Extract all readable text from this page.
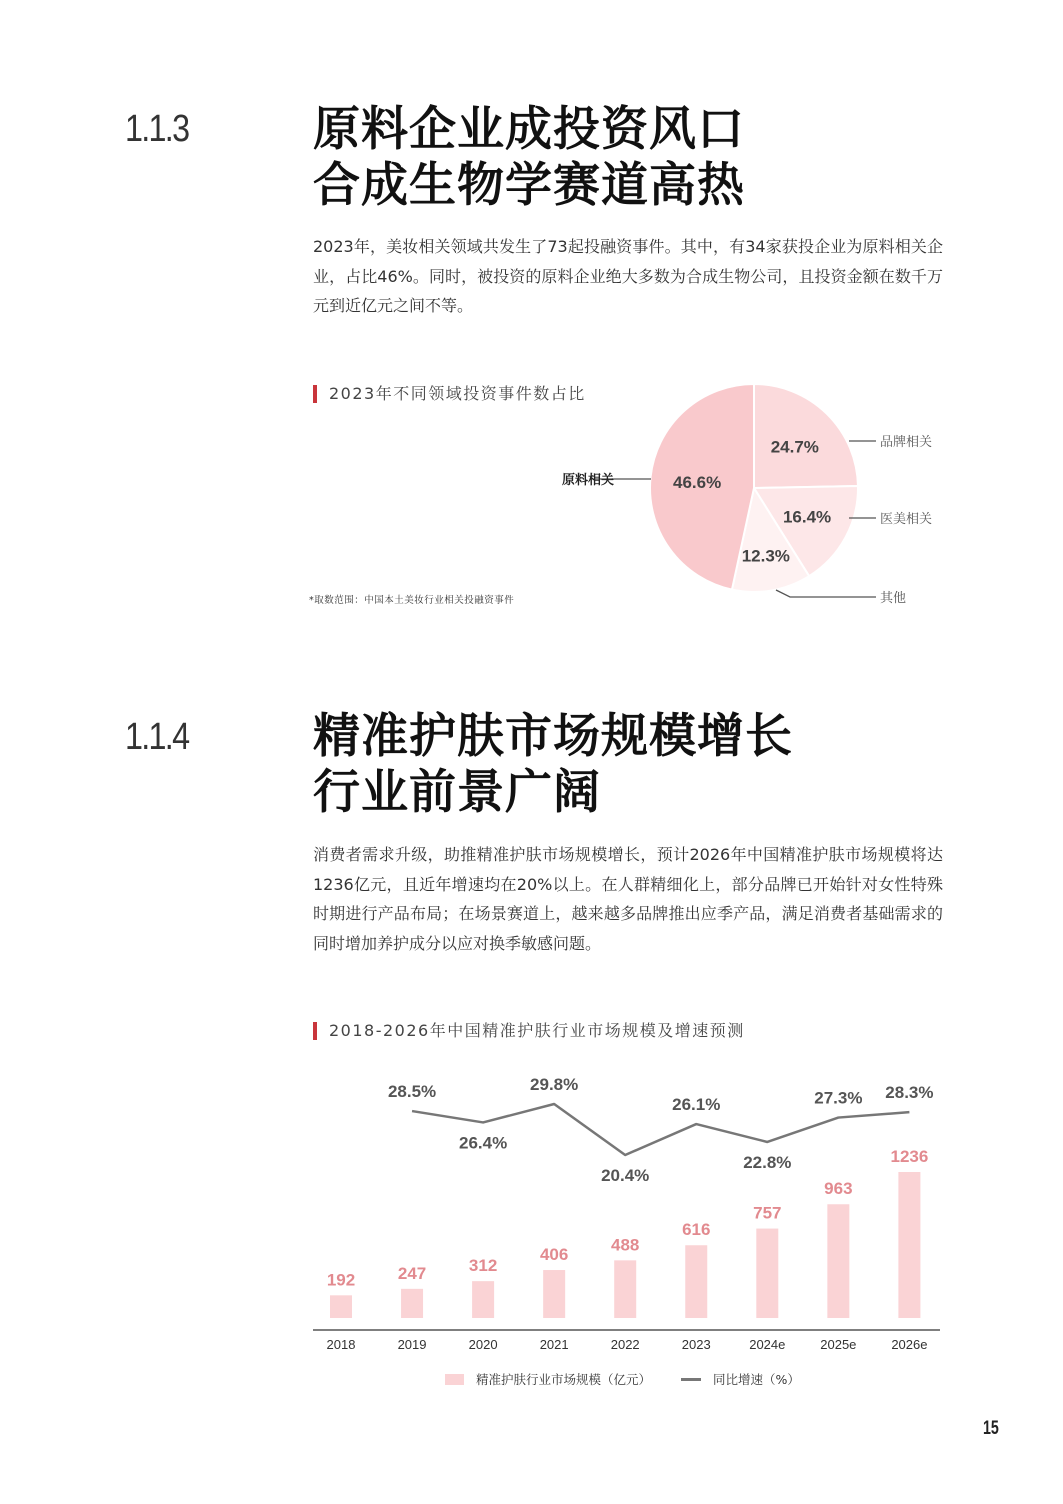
1.1.3	原料企业成投资风口
合成生物学赛道高热
2023年，美妆相关领域共发生了73起投融资事件。其中，有34家获投企业为原料相关企业，占比46%。同时，被投资的原料企业绝大多数为合成生物公司，且投资金额在数千万元到近亿元之间不等。
2023年不同领域投资事件数占比
24.7%
16.4%
12.3%
46.6%
原料相关
品牌相关
医美相关
其他
*取数范围：中国本土美妆行业相关投融资事件
1.1.4	精准护肤市场规模增长
行业前景广阔
消费者需求升级，助推精准护肤市场规模增长，预计2026年中国精准护肤市场规模将达1236亿元，且近年增速均在20%以上。在人群精细化上，部分品牌已开始针对女性特殊时期进行产品布局；在场景赛道上，越来越多品牌推出应季产品，满足消费者基础需求的同时增加养护成分以应对换季敏感问题。
2018-2026年中国精准护肤行业市场规模及增速预测
192
2018
247
2019
312
2020
406
2021
488
2022
616
2023
757
2024e
963
2025e
1236
2026e
28.5%
26.4%
29.8%
20.4%
26.1%
22.8%
27.3% 28.3%
精准护肤行业市场规模（亿元）	同比增速（%）
15
